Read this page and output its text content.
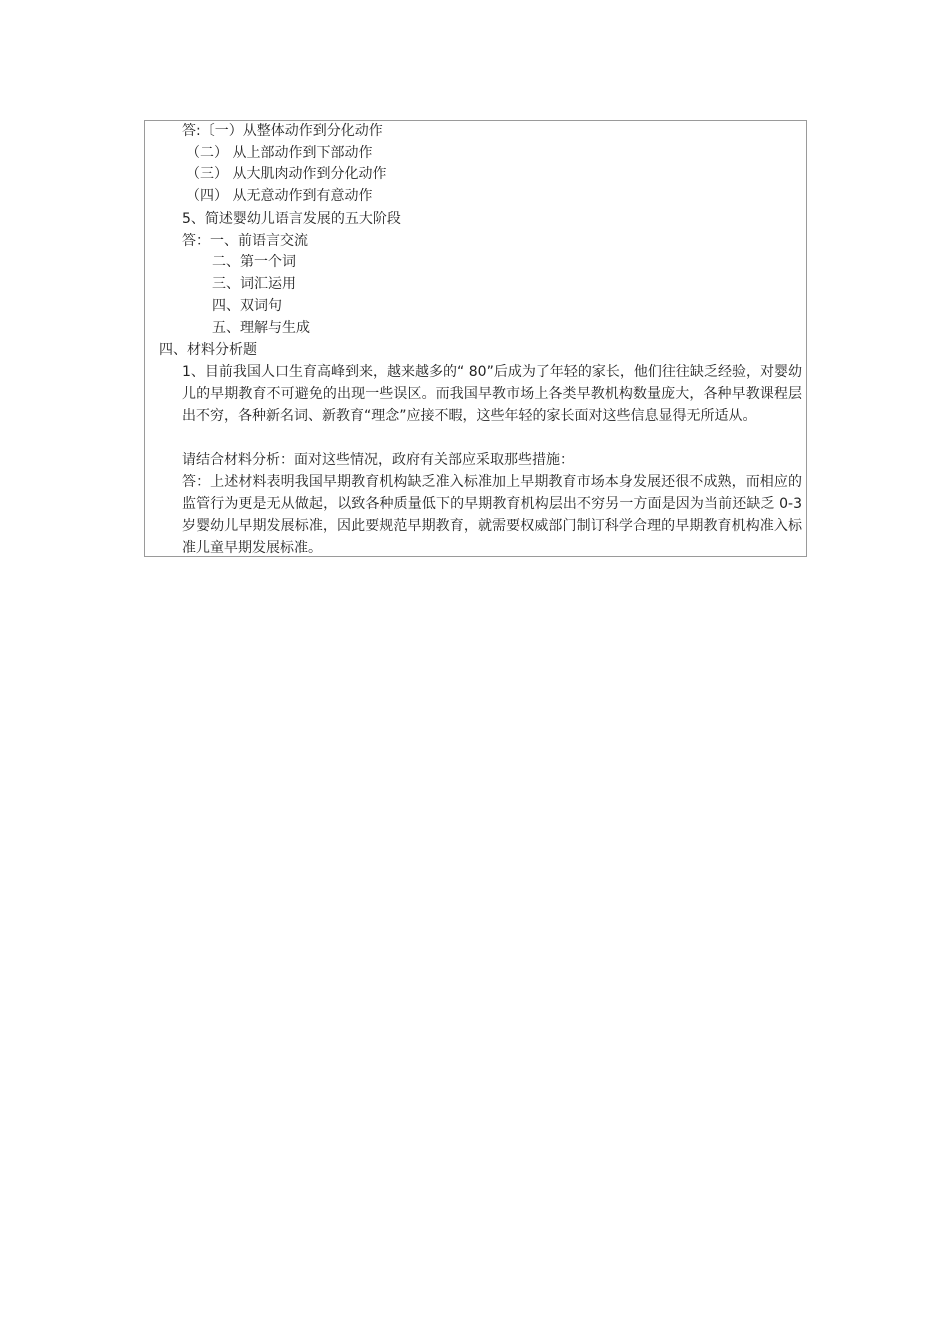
答:〔一）从整体动作到分化动作
（二） 从上部动作到下部动作
（三） 从大肌肉动作到分化动作
（四） 从无意动作到有意动作
5、简述婴幼儿语言发展的五大阶段
答：一、前语言交流
二、第一个词
三、词汇运用
四、双词句
五、理解与生成
四、材料分析题
1、目前我国人口生育高峰到来，越来越多的“ 80”后成为了年轻的家长，他们往往缺乏经验，对婴幼儿的早期教育不可避免的出现一些误区。而我国早教市场上各类早教机构数量庞大，各种早教课程层出不穷，各种新名词、新教育“理念”应接不暇，这些年轻的家长面对这些信息显得无所适从。
请结合材料分析：面对这些情况，政府有关部应采取那些措施：
答：上述材料表明我国早期教育机构缺乏准入标准加上早期教育市场本身发展还很不成熟，而相应的监管行为更是无从做起，以致各种质量低下的早期教育机构层出不穷另一方面是因为当前还缺乏 0-3 岁婴幼儿早期发展标准，因此要规范早期教育，就需要权威部门制订科学合理的早期教育机构准入标准儿童早期发展标准。
